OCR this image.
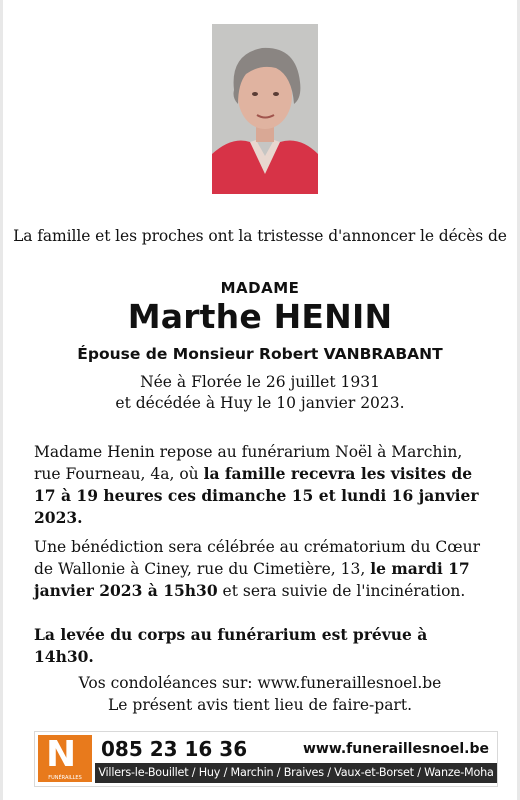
La famille et les proches ont la tristesse d'annoncer le décès de
MADAME
Marthe HENIN
Épouse de Monsieur Robert VANBRABANT
Née à Florée le 26 juillet 1931
et décédée à Huy le 10 janvier 2023.
Madame Henin repose au funérarium Noël à Marchin, rue Fourneau, 4a, où la famille recevra les visites de 17 à 19 heures ces dimanche 15 et lundi 16 janvier 2023.
Une bénédiction sera célébrée au crématorium du Cœur de Wallonie à Ciney, rue du Cimetière, 13, le mardi 17 janvier 2023 à 15h30 et sera suivie de l'incinération.
La levée du corps au funérarium est prévue à 14h30.
Vos condoléances sur: www.funeraillesnoel.be
Le présent avis tient lieu de faire-part.
N
FUNÉRAILLES
085 23 16 36	www.funeraillesnoel.be
Villers-le-Bouillet / Huy / Marchin / Braives / Vaux-et-Borset / Wanze-Moha
